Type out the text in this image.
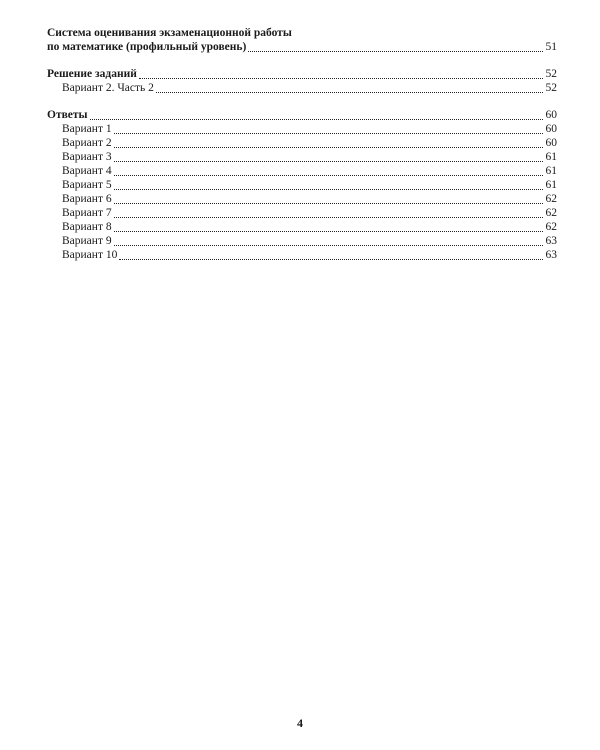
Система оценивания экзаменационной работы
по математике (профильный уровень)	51
Решение заданий	52
Вариант 2. Часть 2	52
Ответы	60
Вариант 1	60
Вариант 2	60
Вариант 3	61
Вариант 4	61
Вариант 5	61
Вариант 6	62
Вариант 7	62
Вариант 8	62
Вариант 9	63
Вариант 10	63
4
